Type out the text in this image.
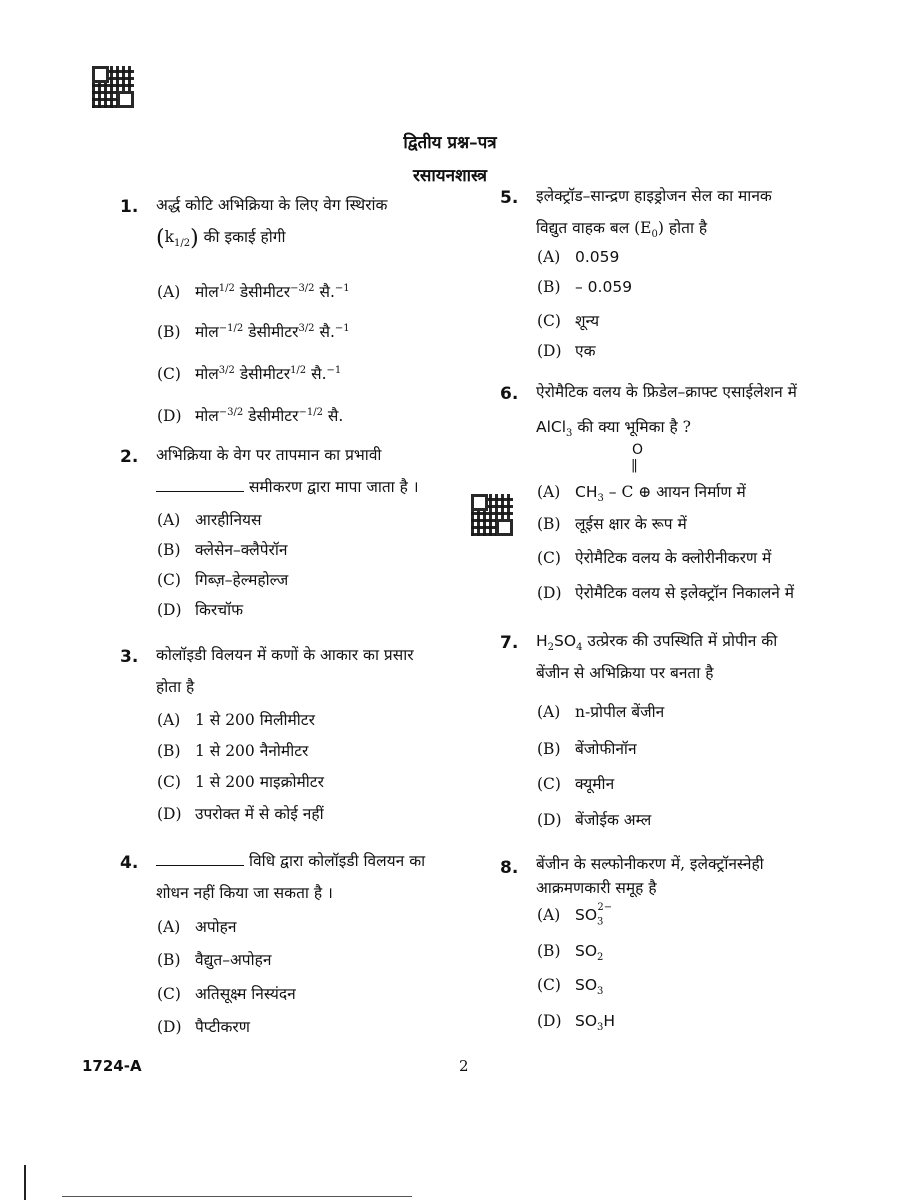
द्वितीय प्रश्न–पत्र
रसायनशास्त्र
1. अर्द्ध कोटि अभिक्रिया के लिए वेग स्थिरांक
$(k_{1/2})$ की इकाई होगी
(A) मोल$^{1/2}$ डेसीमीटर$^{-3/2}$ सै.$^{-1}$
(B) मोल$^{-1/2}$ डेसीमीटर$^{3/2}$ सै.$^{-1}$
(C) मोल$^{3/2}$ डेसीमीटर$^{1/2}$ सै.$^{-1}$
(D) मोल$^{-3/2}$ डेसीमीटर$^{-1/2}$ सै.
2. अभिक्रिया के वेग पर तापमान का प्रभावी
समीकरण द्वारा मापा जाता है ।
(A) आरहीनियस
(B) क्लेसेन–क्लैपेरॉन
(C) गिब्ज़–हेल्महोल्ज
(D) किरचॉफ
3. कोलॉइडी विलयन में कणों के आकार का प्रसार
होता है
(A) 1 से 200 मिलीमीटर
(B) 1 से 200 नैनोमीटर
(C) 1 से 200 माइक्रोमीटर
(D) उपरोक्त में से कोई नहीं
4.	विधि द्वारा कोलॉइडी विलयन का
शोधन नहीं किया जा सकता है ।
(A) अपोहन
(B) वैद्युत–अपोहन
(C) अतिसूक्ष्म निस्यंदन
(D) पैप्टीकरण
5. इलेक्ट्रॉड–सान्द्रण हाइड्रोजन सेल का मानक
विद्युत वाहक बल $(E_0)$ होता है
(A) 0.059
(B) – 0.059
(C) शून्य
(D) एक
6. ऐरोमैटिक वलय के फ्रिडेल–क्राफ्ट एसाईलेशन में
AlCl$_3$ की क्या भूमिका है ?
O
||
(A) $CH_3$ – C ⊕ आयन निर्माण में
(B) लूईस क्षार के रूप में
(C) ऐरोमैटिक वलय के क्लोरीनीकरण में
(D) ऐरोमैटिक वलय से इलेक्ट्रॉन निकालने में
7. $H_2SO_4$ उत्प्रेरक की उपस्थिति में प्रोपीन की
बेंजीन से अभिक्रिया पर बनता है
(A) n-प्रोपील बेंजीन
(B) बेंजोफीनॉन
(C) क्यूमीन
(D) बेंजोईक अम्ल
8. बेंजीन के सल्फोनीकरण में, इलेक्ट्रॉनस्नेही
आक्रमणकारी समूह है
(A) $SO_3^{2-}$
(B) $SO_2$
(C) $SO_3$
(D) $SO_3H$
1724-A	2
